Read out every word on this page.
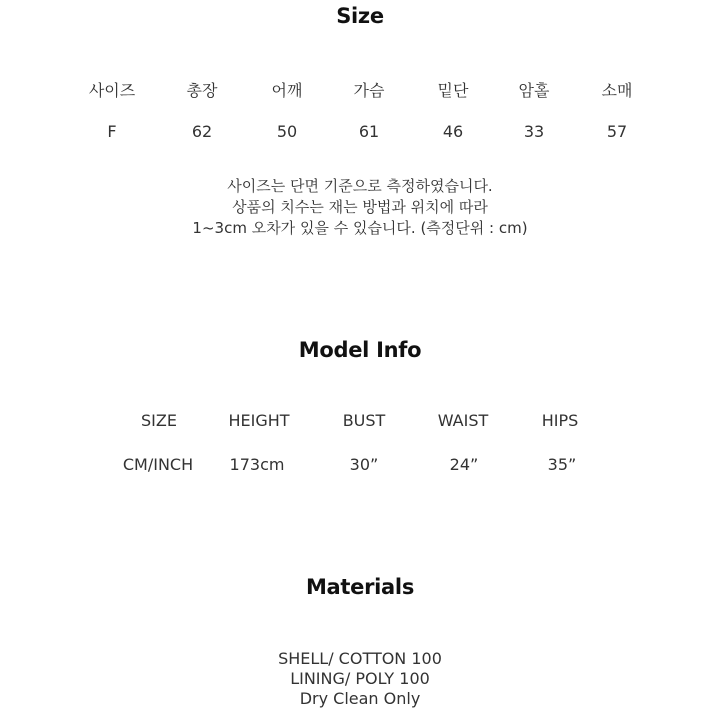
Size
사이즈	총장	어깨	가슴	밑단	암홀	소매
F	62	50	61	46	33	57
사이즈는 단면 기준으로 측정하였습니다.
상품의 치수는 재는 방법과 위치에 따라
1~3cm 오차가 있을 수 있습니다. (측정단위 : cm)
Model Info
SIZE	HEIGHT	BUST	WAIST	HIPS
CM/INCH	173cm	30”	24”	35”
Materials
SHELL/ COTTON 100
LINING/ POLY 100
Dry Clean Only
